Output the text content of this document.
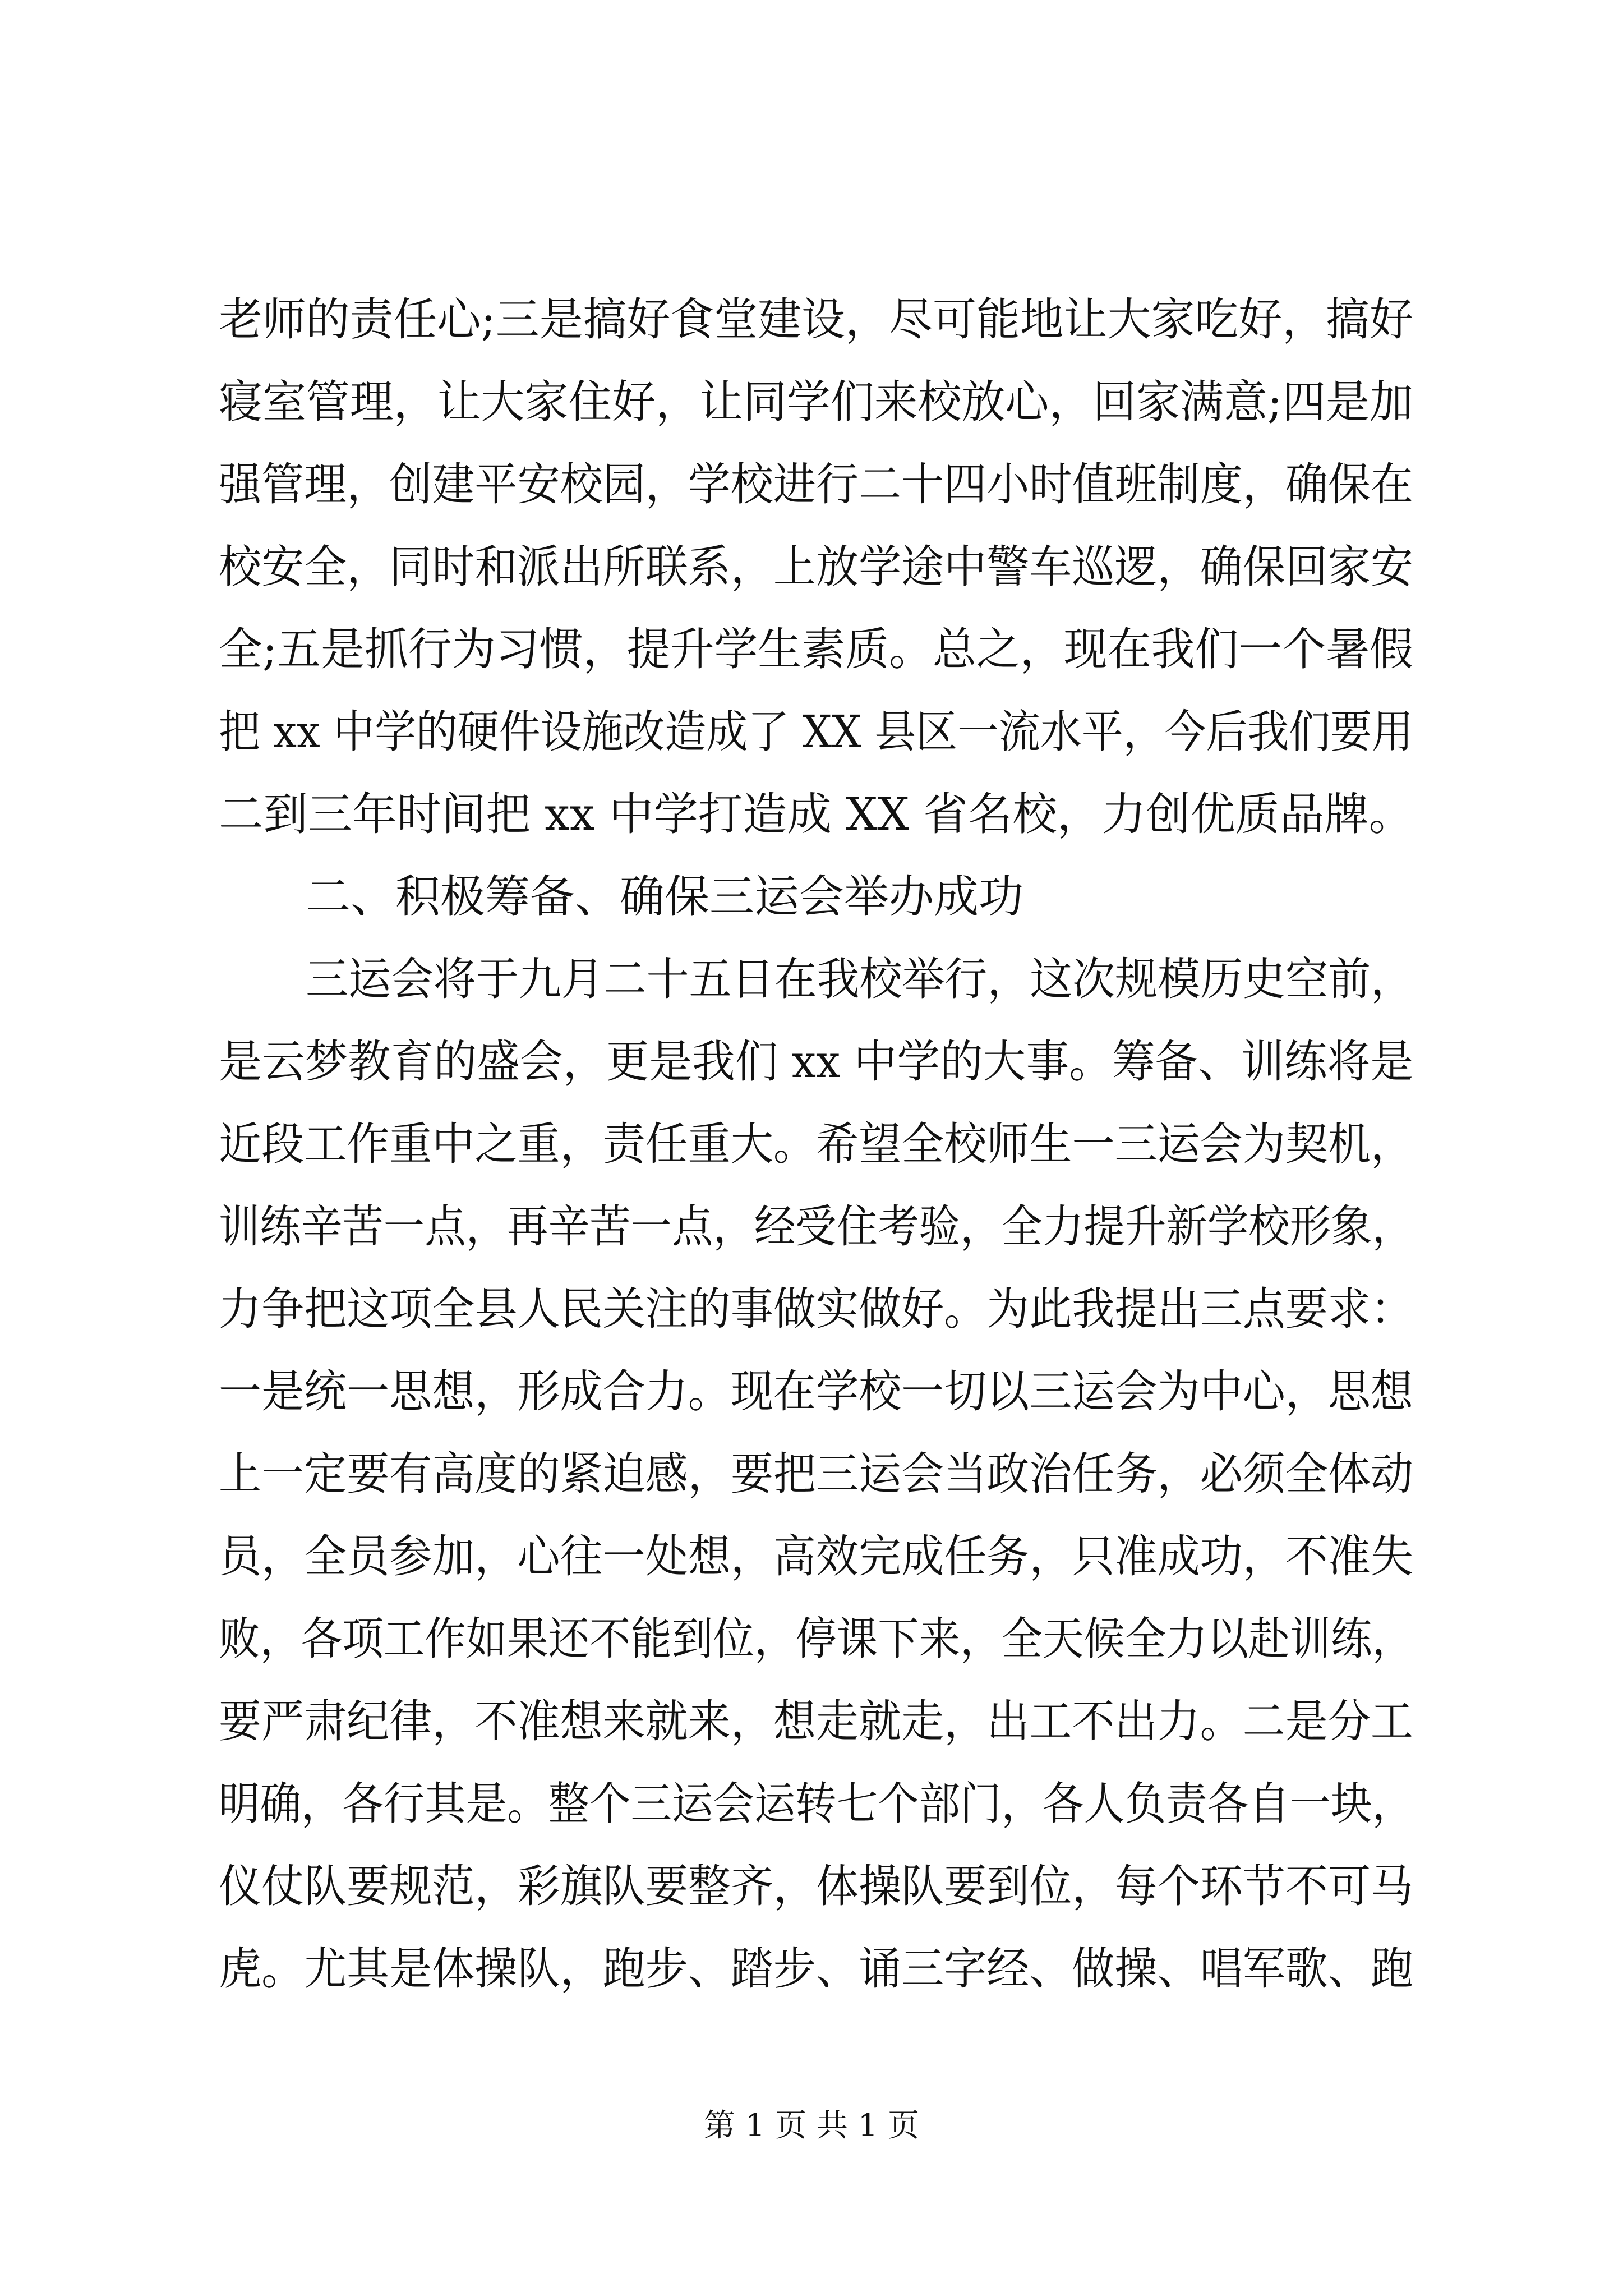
老师的责任心;三是搞好食堂建设，尽可能地让大家吃好，搞好
寝室管理，让大家住好，让同学们来校放心，回家满意;四是加
强管理，创建平安校园，学校进行二十四小时值班制度，确保在
校安全，同时和派出所联系，上放学途中警车巡逻，确保回家安
全;五是抓行为习惯，提升学生素质。总之，现在我们一个暑假
把 xx 中学的硬件设施改造成了 XX 县区一流水平，今后我们要用
二到三年时间把 xx 中学打造成 XX 省名校，力创优质品牌。
二、积极筹备、确保三运会举办成功
三运会将于九月二十五日在我校举行，这次规模历史空前，
是云梦教育的盛会，更是我们 xx 中学的大事。筹备、训练将是
近段工作重中之重，责任重大。希望全校师生一三运会为契机，
训练辛苦一点，再辛苦一点，经受住考验，全力提升新学校形象，
力争把这项全县人民关注的事做实做好。为此我提出三点要求：
一是统一思想，形成合力。现在学校一切以三运会为中心，思想
上一定要有高度的紧迫感，要把三运会当政治任务，必须全体动
员，全员参加，心往一处想，高效完成任务，只准成功，不准失
败，各项工作如果还不能到位，停课下来，全天候全力以赴训练，
要严肃纪律，不准想来就来，想走就走，出工不出力。二是分工
明确，各行其是。整个三运会运转七个部门，各人负责各自一块，
仪仗队要规范，彩旗队要整齐，体操队要到位，每个环节不可马
虎。尤其是体操队，跑步、踏步、诵三字经、做操、唱军歌、跑
第 1 页 共 1 页
